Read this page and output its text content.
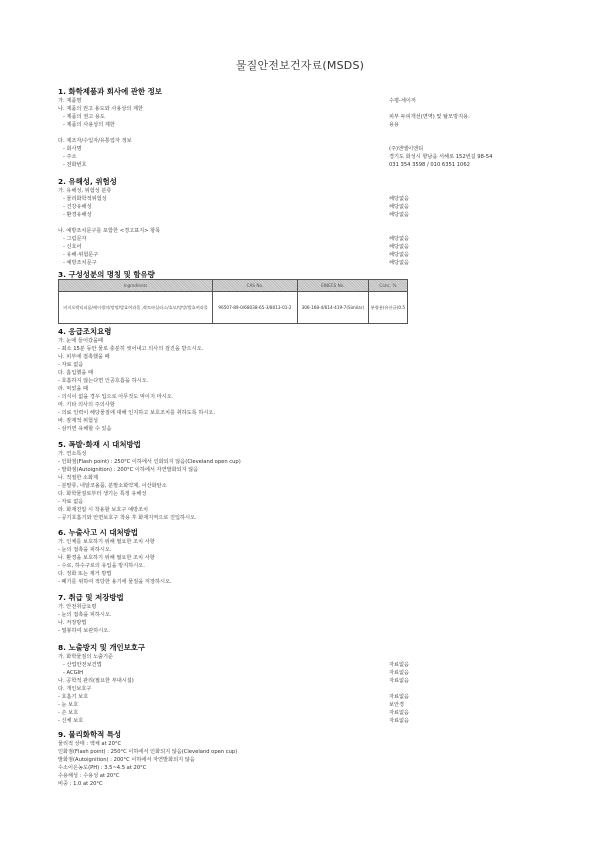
물질안전보건자료(MSDS)
1. 화학제품과 회사에 관한 정보
가. 제품명	수평-세이저
나. 제품의 권고 용도와 사용상의 제한
- 제품의 권고 용도	피부 두피개선(면역) 및 탈모방지용.
- 제품의 사용상의 제한	용용
다. 제조자/수입자/유통업자 정보
- 회사명	(주)엔엘이엔티
- 주소	경기도 화성시 향남읍 서해로 152번길 98-54
- 전화번호	031 354 3598 / 010 6351 1062
2. 유해성, 위험성
가. 유해성, 위험성 분류
- 물리화학적위험성	해당없음
- 건강유해성	해당없음
- 환경유해성	해당없음
나. 예방조치문구를 포함한 <경고표지> 항목
- 그림문자	해당없음
- 신호어	해당없음
- 유해·위험문구	해당없음
- 예방조치문구	해당없음
3. 구성성분의 명칭 및 함유량
Ingredients	CAS No.	EINECS No.	Conc. %
비지오박티피움/에이생의/망망/발효여과물 ,락토바실러스/효모/망망/발효여과물	96507-89-0/68038-65-3/8013-01-2	306-168-4/614-419-7(Similar)	분량용(유산균)0.5
4. 응급조치요령
가. 눈에 들어갔을때
- 최소 15분 동안 물로 충분히 씻어내고 의사의 검진을 받으시오.
나. 피부에 접촉했을 때
- 자료 없음
다. 흡입했을 때
- 호흡하지 않는다면 인공호흡을 하시오.
라. 먹었을 때
- 의식이 없을 경우 입으로 아무것도 먹이지 마시오.
마. 기타 의사의 주의사항
- 의료 인력이 해당물질에 대해 인지하고 보호조치를 취하도록 하시오.
바. 잠재적 위험성
- 삼키면 유해할 수 있음
5. 폭발·화재 시 대처방법
가. 연소특성
- 인화점(Flash point) : 250°C 이하에서 인화되지 않음(Cleveland open cup)
- 발화점(Autoignition) : 200°C 이하에서 자연발화되지 않음
나. 적절한 소화제
- 분말류, 내알코올품, 분말소화약제, 이산화탄소
다. 화학물질로부터 생기는 특정 유해성
- 자료 없음
라. 화재진압 시 착용할 보호구 예방조치
- 공기호흡기와 안면보호구 착용 후 화재지역으로 진입하시오.
6. 누출사고 시 대처방법
가. 인체를 보호하기 위해 필요한 조치 사항
- 눈의 접촉을 피하시오.
나. 환경을 보호하기 위해 필요한 조치 사항
- 수로, 하수구로의 유입을 방지하시오.
다. 정화 또는 제거 방법
- 폐기를 위하여 적당한 용기에 물질을 저장하시오.
7. 취급 및 저장방법
가. 안전취급요령
- 눈의 접촉을 피하시오.
나. 저장방법
- 밀봉하여 보관하시오.
8. 노출방지 및 개인보호구
가. 화학물질의 노출기준
- 산업안전보건법	자료없음
- ACGIH	자료없음
나. 공학적 관리(필요한 부대시설)	자료없음
다. 개인보호구
- 호흡기 보호	자료없음
- 눈 보호	보안경
- 손 보호	자료없음
- 신체 보호	자료없음
9. 물리화학적 특성
물리적 상태 : 액체 at 20°C
인화점(Flash point) : 250°C 이하에서 인화되지 않음(Cleveland open cup)
발화점(Autoignition) : 200°C 이하에서 자연발화되지 않음
수소이온농도(PH) : 3.5~4.5 at 20°C
수용해성 : 수용성 at 20°C
비중 : 1.0 at 20°C
